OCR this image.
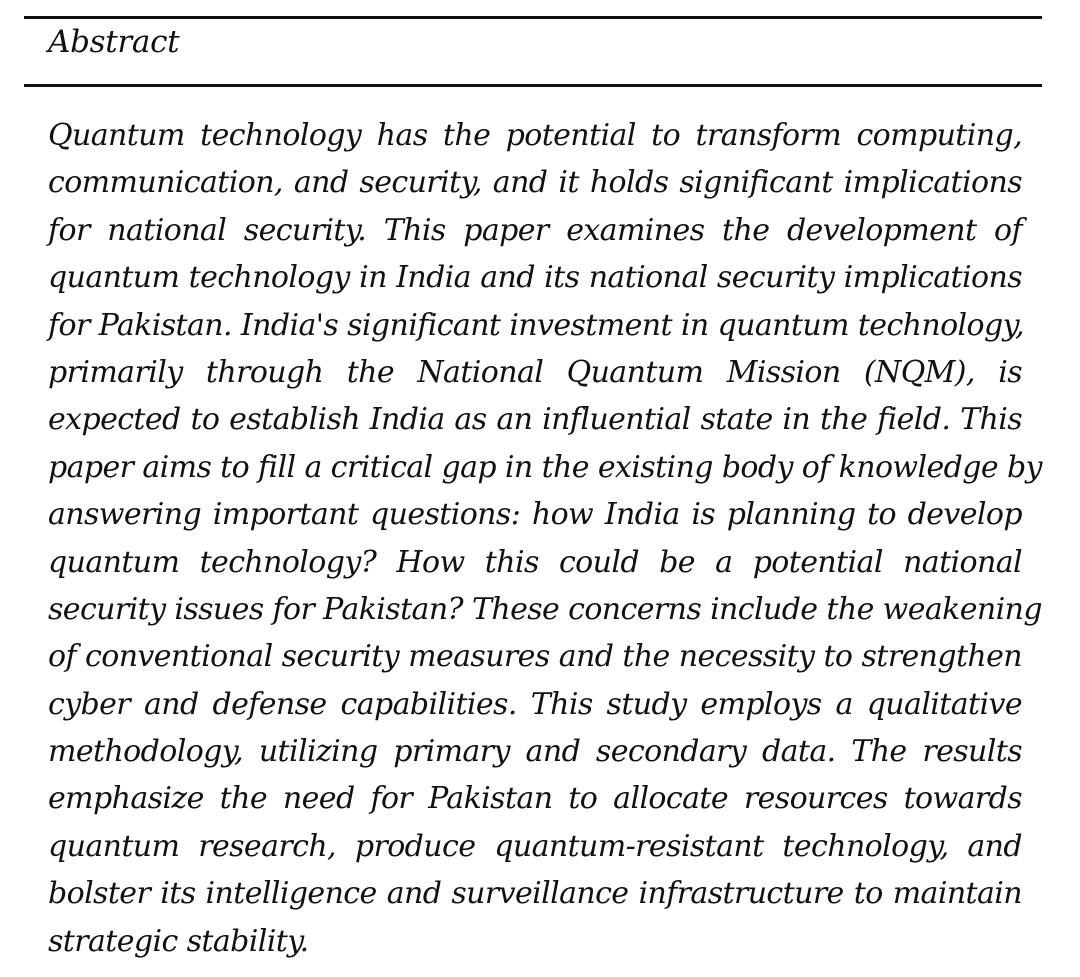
Abstract
Quantum technology has the potential to transform computing,
communication, and security, and it holds significant implications
for national security. This paper examines the development of
quantum technology in India and its national security implications
for Pakistan. India's significant investment in quantum technology,
primarily through the National Quantum Mission (NQM), is
expected to establish India as an influential state in the field. This
paper aims to fill a critical gap in the existing body of knowledge by
answering important questions: how India is planning to develop
quantum technology? How this could be a potential national
security issues for Pakistan? These concerns include the weakening
of conventional security measures and the necessity to strengthen
cyber and defense capabilities. This study employs a qualitative
methodology, utilizing primary and secondary data. The results
emphasize the need for Pakistan to allocate resources towards
quantum research, produce quantum-resistant technology, and
bolster its intelligence and surveillance infrastructure to maintain
strategic stability.
